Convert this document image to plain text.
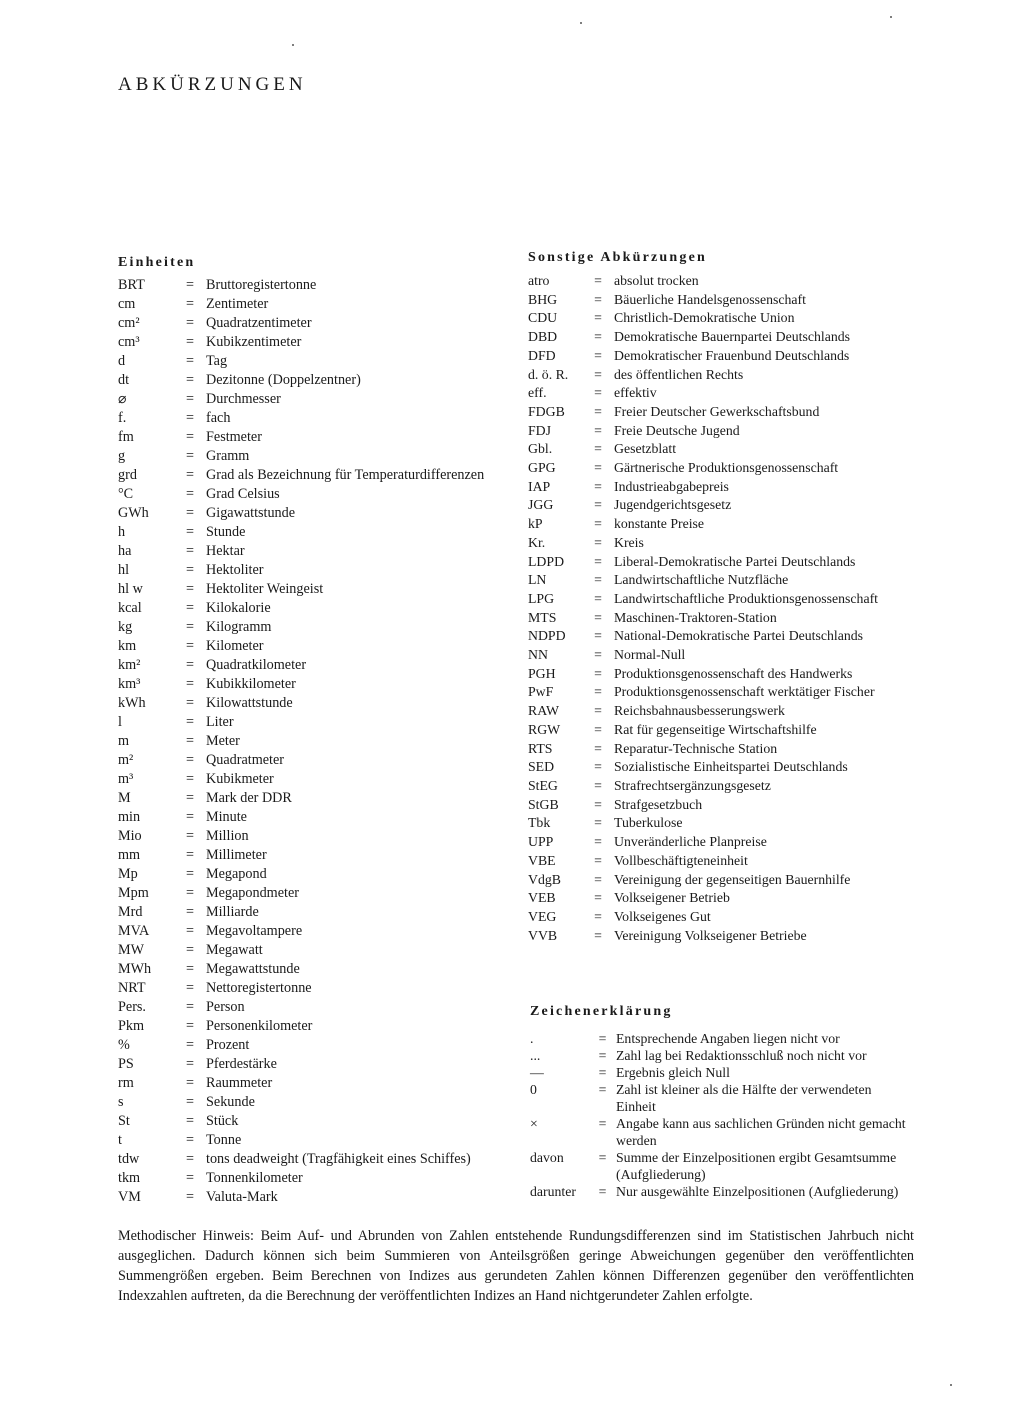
ABKÜRZUNGEN
Einheiten
BRT	= Bruttoregistertonne
cm	= Zentimeter
cm²	= Quadratzentimeter
cm³	= Kubikzentimeter
d	= Tag
dt	= Dezitonne (Doppelzentner)
⌀	= Durchmesser
f.	= fach
fm	= Festmeter
g	= Gramm
grd	= Grad als Bezeichnung für Temperaturdifferenzen
°C	= Grad Celsius
GWh	= Gigawattstunde
h	= Stunde
ha	= Hektar
hl	= Hektoliter
hl w	= Hektoliter Weingeist
kcal	= Kilokalorie
kg	= Kilogramm
km	= Kilometer
km²	= Quadratkilometer
km³	= Kubikkilometer
kWh	= Kilowattstunde
l	= Liter
m	= Meter
m²	= Quadratmeter
m³	= Kubikmeter
M	= Mark der DDR
min	= Minute
Mio	= Million
mm	= Millimeter
Mp	= Megapond
Mpm	= Megapondmeter
Mrd	= Milliarde
MVA	= Megavoltampere
MW	= Megawatt
MWh	= Megawattstunde
NRT	= Nettoregistertonne
Pers.	= Person
Pkm	= Personenkilometer
%	= Prozent
PS	= Pferdestärke
rm	= Raummeter
s	= Sekunde
St	= Stück
t	= Tonne
tdw	= tons deadweight (Tragfähigkeit eines Schiffes)
tkm	= Tonnenkilometer
VM	= Valuta-Mark
Sonstige Abkürzungen
atro	= absolut trocken
BHG	= Bäuerliche Handelsgenossenschaft
CDU	= Christlich-Demokratische Union
DBD	= Demokratische Bauernpartei Deutschlands
DFD	= Demokratischer Frauenbund Deutschlands
d. ö. R.	= des öffentlichen Rechts
eff.	= effektiv
FDGB	= Freier Deutscher Gewerkschaftsbund
FDJ	= Freie Deutsche Jugend
Gbl.	= Gesetzblatt
GPG	= Gärtnerische Produktionsgenossenschaft
IAP	= Industrieabgabepreis
JGG	= Jugendgerichtsgesetz
kP	= konstante Preise
Kr.	= Kreis
LDPD	= Liberal-Demokratische Partei Deutschlands
LN	= Landwirtschaftliche Nutzfläche
LPG	= Landwirtschaftliche Produktionsgenossenschaft
MTS	= Maschinen-Traktoren-Station
NDPD	= National-Demokratische Partei Deutschlands
NN	= Normal-Null
PGH	= Produktionsgenossenschaft des Handwerks
PwF	= Produktionsgenossenschaft werktätiger Fischer
RAW	= Reichsbahnausbesserungswerk
RGW	= Rat für gegenseitige Wirtschaftshilfe
RTS	= Reparatur-Technische Station
SED	= Sozialistische Einheitspartei Deutschlands
StEG	= Strafrechtsergänzungsgesetz
StGB	= Strafgesetzbuch
Tbk	= Tuberkulose
UPP	= Unveränderliche Planpreise
VBE	= Vollbeschäftigteneinheit
VdgB	= Vereinigung der gegenseitigen Bauernhilfe
VEB	= Volkseigener Betrieb
VEG	= Volkseigenes Gut
VVB	= Vereinigung Volkseigener Betriebe
Zeichenerklärung
.	= Entsprechende Angaben liegen nicht vor
...	= Zahl lag bei Redaktionsschluß noch nicht vor
—	= Ergebnis gleich Null
0	= Zahl ist kleiner als die Hälfte der verwendeten Einheit
×	= Angabe kann aus sachlichen Gründen nicht gemacht werden
davon	= Summe der Einzelpositionen ergibt Gesamtsumme (Aufgliederung)
darunter	= Nur ausgewählte Einzelpositionen (Aufgliederung)

Methodischer Hinweis: Beim Auf- und Abrunden von Zahlen entstehende Rundungsdifferenzen sind im Statistischen Jahrbuch nicht ausgeglichen. Dadurch können sich beim Summieren von Anteilsgrößen geringe Abweichungen gegenüber den veröffentlichten Summengrößen ergeben. Beim Berechnen von Indizes aus gerundeten Zahlen können Differenzen gegenüber den veröffentlichten Indexzahlen auftreten, da die Berechnung der veröffentlichten Indizes an Hand nichtgerundeter Zahlen erfolgte.
